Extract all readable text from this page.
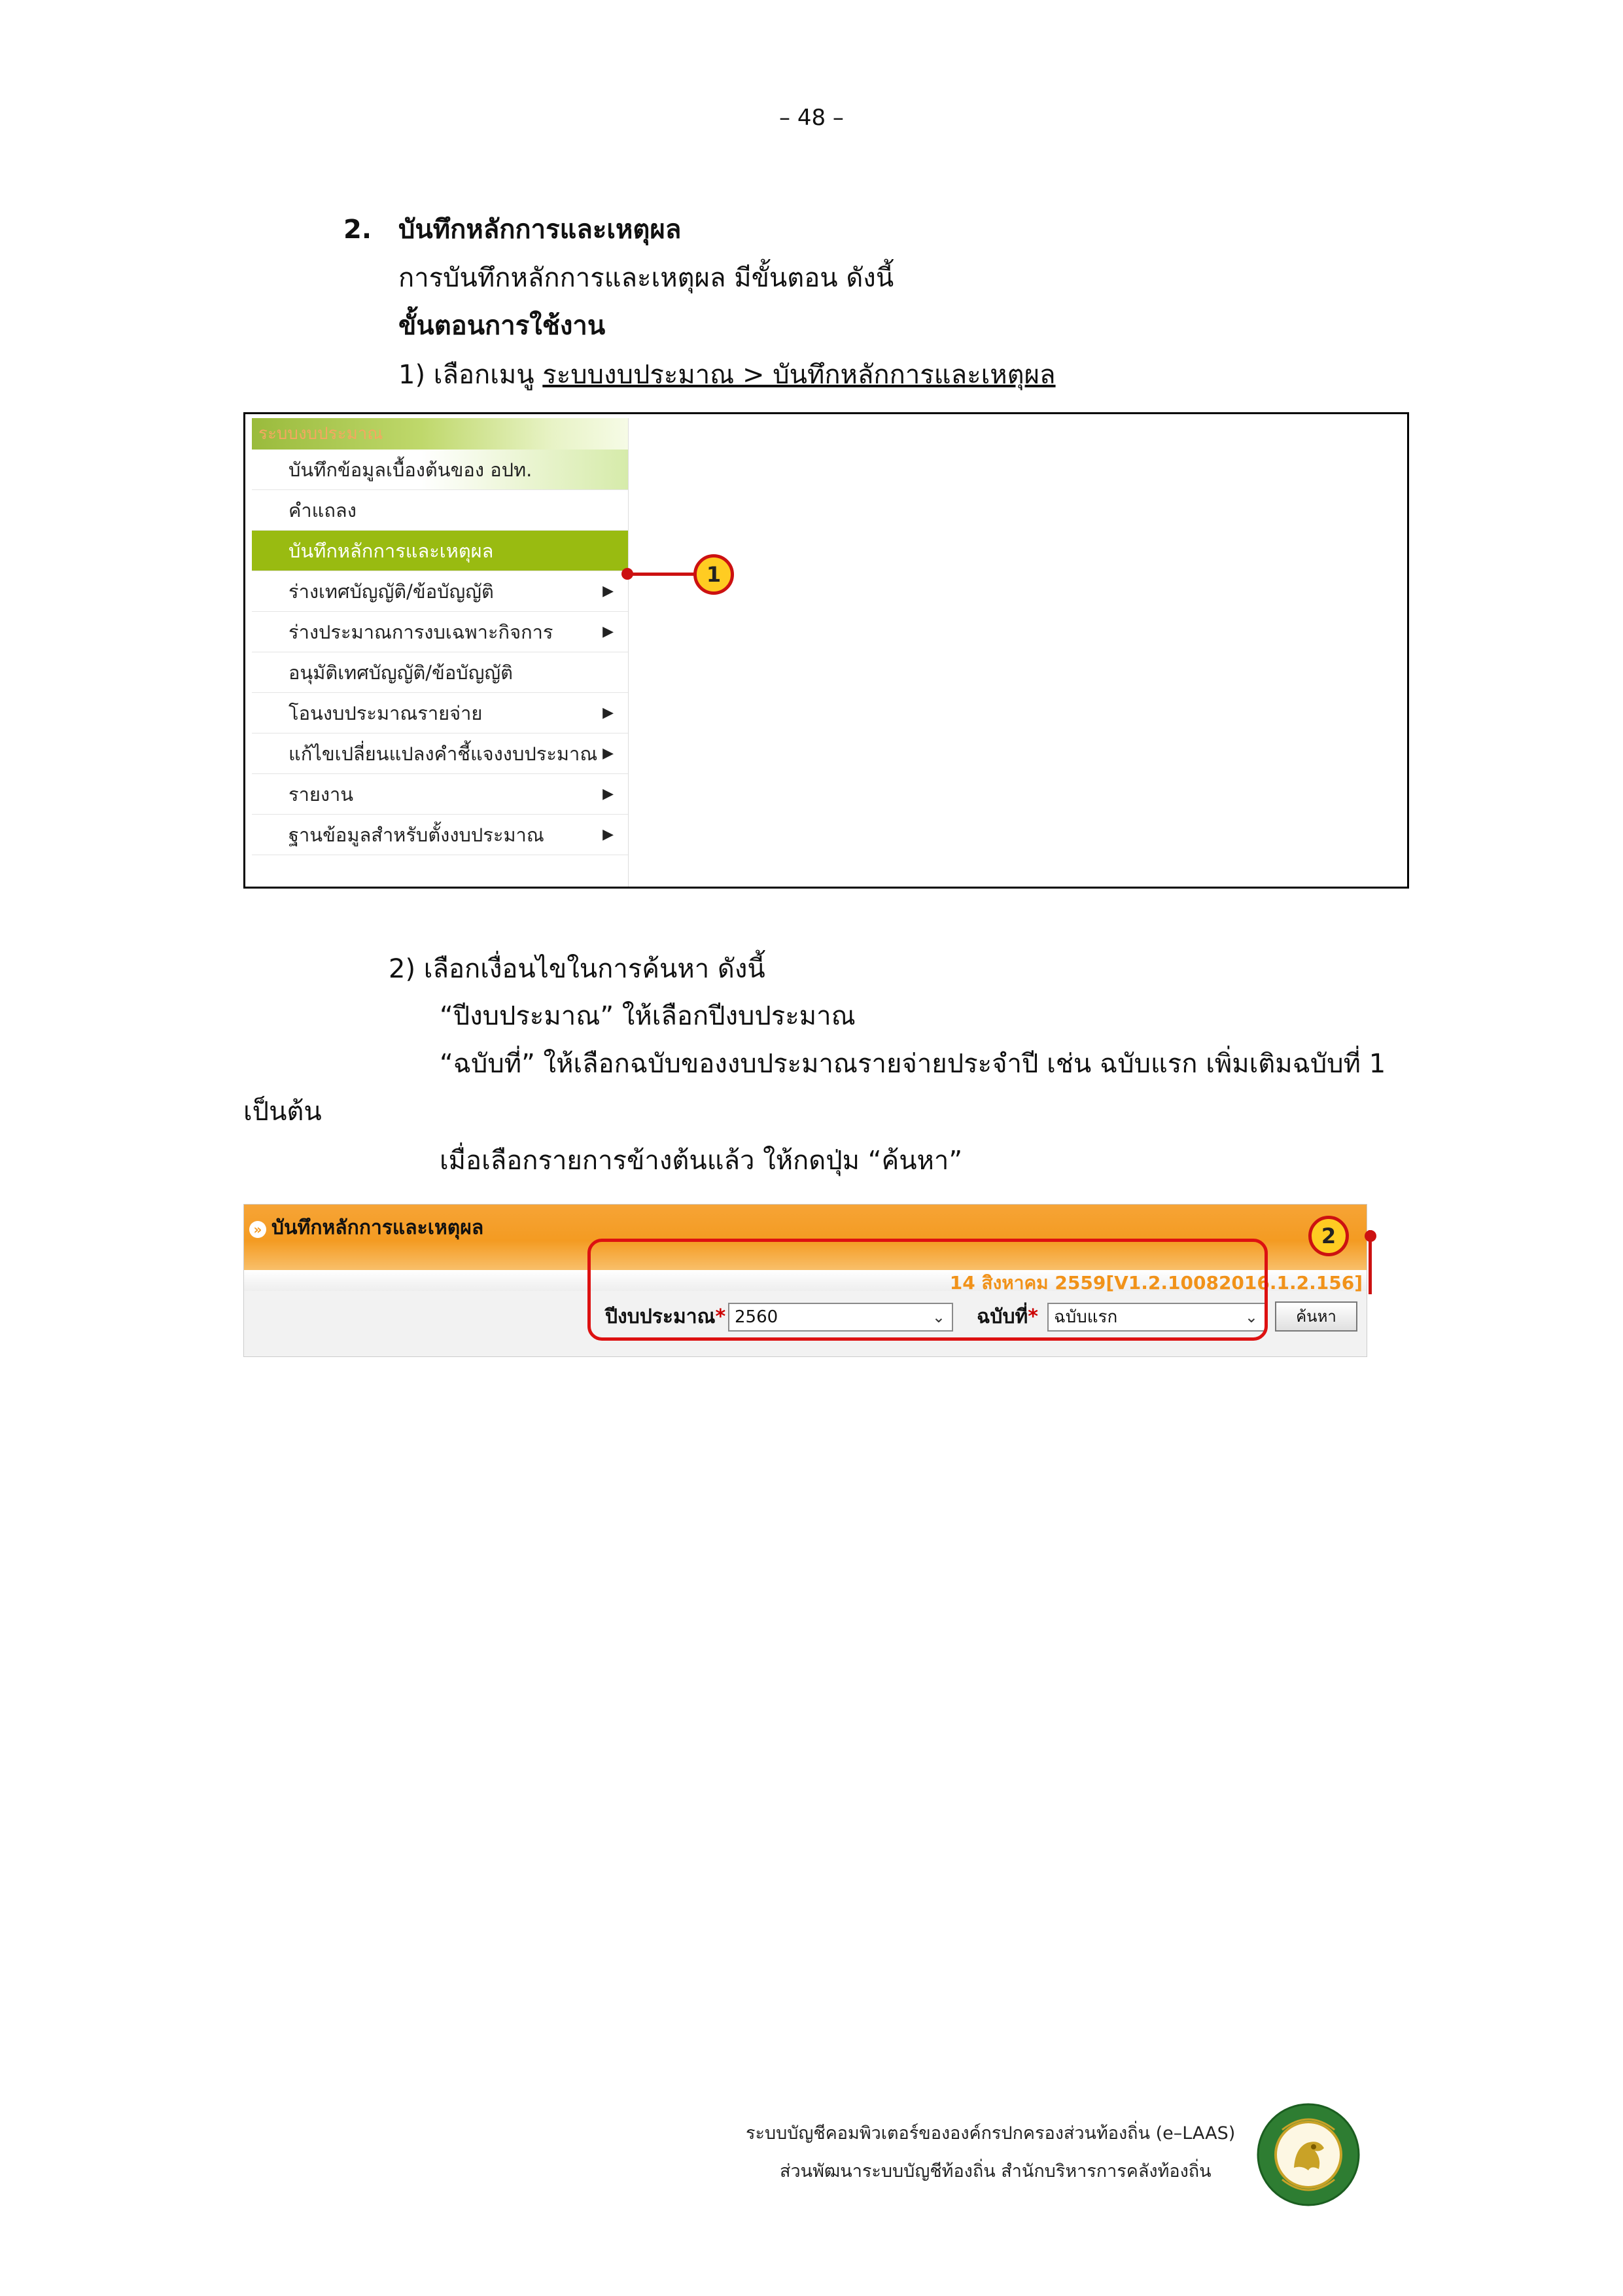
– 48 –
2. บันทึกหลักการและเหตุผล
การบันทึกหลักการและเหตุผล มีขั้นตอน ดังนี้
ขั้นตอนการใช้งาน
1) เลือกเมนู ระบบงบประมาณ > บันทึกหลักการและเหตุผล
ระบบงบประมาณ
บันทึกข้อมูลเบื้องต้นของ อปท.
คำแถลง
บันทึกหลักการและเหตุผล
ร่างเทศบัญญัติ/ข้อบัญญัติ	▶
ร่างประมาณการงบเฉพาะกิจการ	▶
อนุมัติเทศบัญญัติ/ข้อบัญญัติ
โอนงบประมาณรายจ่าย	▶
แก้ไขเปลี่ยนแปลงคำชี้แจงงบประมาณ ▶
รายงาน	▶
ฐานข้อมูลสำหรับตั้งงบประมาณ	▶
1
2) เลือกเงื่อนไขในการค้นหา ดังนี้
“ปีงบประมาณ” ให้เลือกปีงบประมาณ
“ฉบับที่” ให้เลือกฉบับของงบประมาณรายจ่ายประจำปี เช่น ฉบับแรก เพิ่มเติมฉบับที่ 1
เป็นต้น
เมื่อเลือกรายการข้างต้นแล้ว ให้กดปุ่ม “ค้นหา”
» บันทึกหลักการและเหตุผล
14 สิงหาคม 2559[V1.2.10082016.1.2.156]
ปีงบประมาณ* 2560	⌄ ฉบับที่* ฉบับแรก	⌄	ค้นหา
2
ระบบบัญชีคอมพิวเตอร์ขององค์กรปกครองส่วนท้องถิ่น (e–LAAS)
ส่วนพัฒนาระบบบัญชีท้องถิ่น สำนักบริหารการคลังท้องถิ่น
